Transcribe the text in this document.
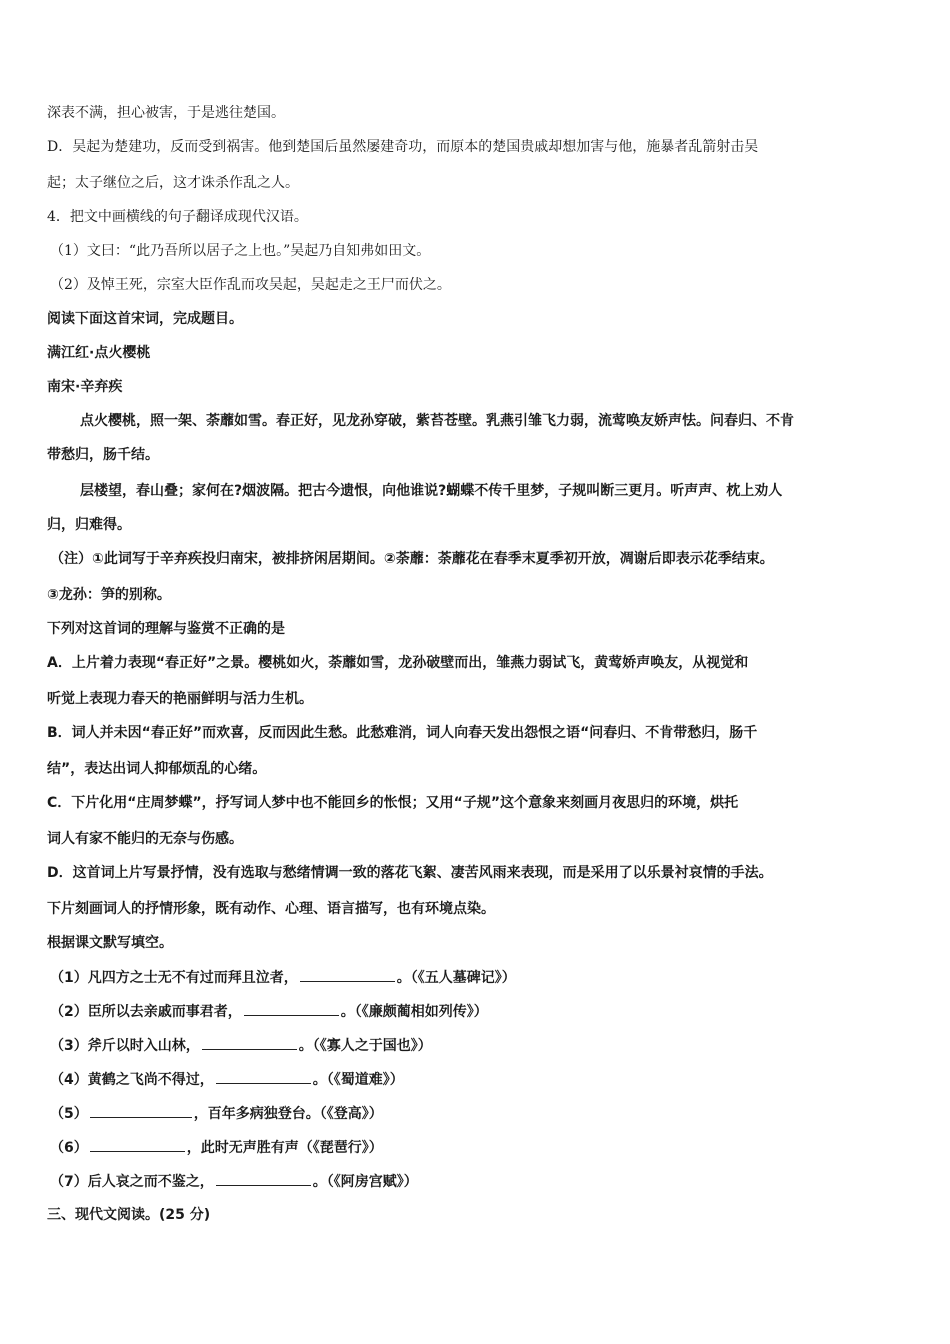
深表不满，担心被害，于是逃往楚国。
D．吴起为楚建功，反而受到祸害。他到楚国后虽然屡建奇功，而原本的楚国贵戚却想加害与他，施暴者乱箭射击吴
起；太子继位之后，这才诛杀作乱之人。
4．把文中画横线的句子翻译成现代汉语。
（1）文曰：“此乃吾所以居子之上也。”吴起乃自知弗如田文。
（2）及悼王死，宗室大臣作乱而攻吴起，吴起走之王尸而伏之。
阅读下面这首宋词，完成题目。
满江红·点火樱桃
南宋·辛弃疾
点火樱桃，照一架、荼蘼如雪。春正好，见龙孙穿破，紫苔苍壁。乳燕引雏飞力弱，流莺唤友娇声怯。问春归、不肯
带愁归，肠千结。
层楼望，春山叠；家何在?烟波隔。把古今遗恨，向他谁说?蝴蝶不传千里梦，子规叫断三更月。听声声、枕上劝人
归，归难得。
（注）①此词写于辛弃疾投归南宋，被排挤闲居期间。②荼蘼：荼蘼花在春季末夏季初开放，凋谢后即表示花季结束。
③龙孙：笋的别称。
下列对这首词的理解与鉴赏不正确的是
A．上片着力表现“春正好”之景。樱桃如火，荼蘼如雪，龙孙破壁而出，雏燕力弱试飞，黄莺娇声唤友，从视觉和
听觉上表现力春天的艳丽鲜明与活力生机。
B．词人并未因“春正好”而欢喜，反而因此生愁。此愁难消，词人向春天发出怨恨之语“问春归、不肯带愁归，肠千
结”，表达出词人抑郁烦乱的心绪。
C．下片化用“庄周梦蝶”，抒写词人梦中也不能回乡的怅恨；又用“子规”这个意象来刻画月夜思归的环境，烘托
词人有家不能归的无奈与伤感。
D．这首词上片写景抒情，没有选取与愁绪情调一致的落花飞絮、凄苦风雨来表现，而是采用了以乐景衬哀情的手法。
下片刻画词人的抒情形象，既有动作、心理、语言描写，也有环境点染。
根据课文默写填空。
（1）凡四方之士无不有过而拜且泣者，	。（《五人墓碑记》）
（2）臣所以去亲戚而事君者，	。（《廉颇蔺相如列传》）
（3）斧斤以时入山林，	。（《寡人之于国也》）
（4）黄鹤之飞尚不得过，	。（《蜀道难》）
（5）	，百年多病独登台。（《登高》）
（6）	，此时无声胜有声（《琵琶行》）
（7）后人哀之而不鉴之，	。（《阿房宫赋》）
三、现代文阅读。(25 分)
